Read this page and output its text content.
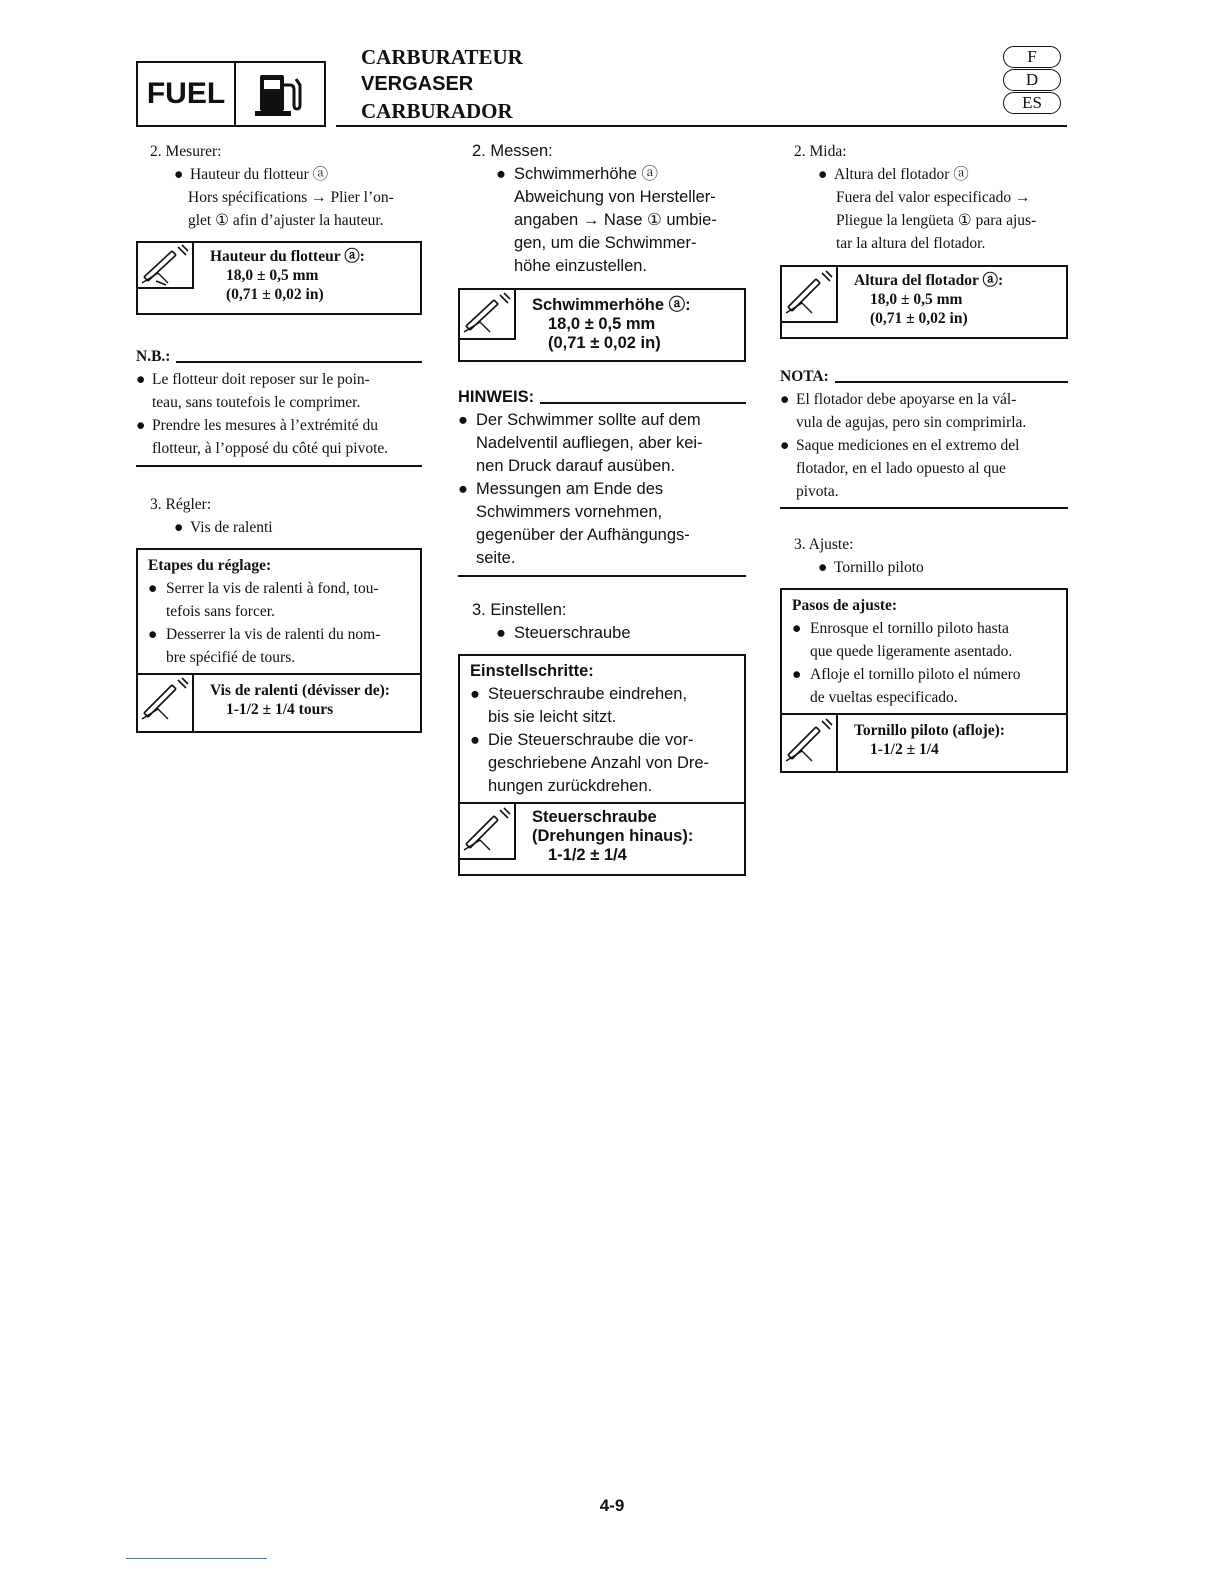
FUEL
CARBURATEUR
VERGASER
CARBURADOR
F
D
ES
2. Mesurer:
● Hauteur du flotteur ⓐ
Hors spécifications → Plier l’on-
glet ① afin d’ajuster la hauteur.
Hauteur du flotteur ⓐ:
18,0 ± 0,5 mm
(0,71 ± 0,02 in)
N.B.:
● Le flotteur doit reposer sur le poin-
teau, sans toutefois le comprimer.
● Prendre les mesures à l’extrémité du
flotteur, à l’opposé du côté qui pivote.
3. Régler:
● Vis de ralenti
Etapes du réglage:
● Serrer la vis de ralenti à fond, tou-
tefois sans forcer.
● Desserrer la vis de ralenti du nom-
bre spécifié de tours.
Vis de ralenti (dévisser de):
1-1/2 ± 1/4 tours
2. Messen:
● Schwimmerhöhe ⓐ
Abweichung von Hersteller-
angaben → Nase ① umbie-
gen, um die Schwimmer-
höhe einzustellen.
Schwimmerhöhe ⓐ:
18,0 ± 0,5 mm
(0,71 ± 0,02 in)
HINWEIS:
● Der Schwimmer sollte auf dem
Nadelventil aufliegen, aber kei-
nen Druck darauf ausüben.
● Messungen am Ende des
Schwimmers vornehmen,
gegenüber der Aufhängungs-
seite.
3. Einstellen:
● Steuerschraube
Einstellschritte:
● Steuerschraube eindrehen,
bis sie leicht sitzt.
● Die Steuerschraube die vor-
geschriebene Anzahl von Dre-
hungen zurückdrehen.
Steuerschraube
(Drehungen hinaus):
1-1/2 ± 1/4
2. Mida:
● Altura del flotador ⓐ
Fuera del valor especificado →
Pliegue la lengüeta ① para ajus-
tar la altura del flotador.
Altura del flotador ⓐ:
18,0 ± 0,5 mm
(0,71 ± 0,02 in)
NOTA:
● El flotador debe apoyarse en la vál-
vula de agujas, pero sin comprimirla.
● Saque mediciones en el extremo del
flotador, en el lado opuesto al que
pivota.
3. Ajuste:
● Tornillo piloto
Pasos de ajuste:
● Enrosque el tornillo piloto hasta
que quede ligeramente asentado.
● Afloje el tornillo piloto el número
de vueltas especificado.
Tornillo piloto (afloje):
1-1/2 ± 1/4
4-9
